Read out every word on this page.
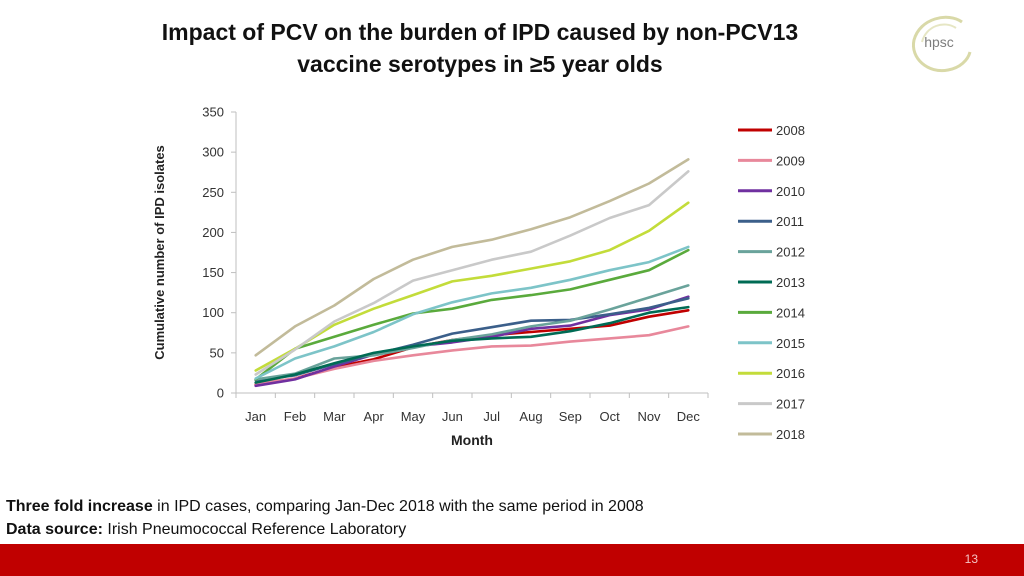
Impact of PCV on the burden of IPD caused by non-PCV13
vaccine serotypes in ≥5 year olds
hpsc
0
50
100
150
200
250
300
350
Jan Feb Mar Apr May Jun Jul Aug Sep Oct Nov Dec
2008
2009
2010
2011
2012
2013
2014
2015
2016
2017
2018
Cumulative number of IPD isolates
Month
Three fold increase in IPD cases, comparing Jan-Dec 2018 with the same period in 2008
Data source: Irish Pneumococcal Reference Laboratory
13
